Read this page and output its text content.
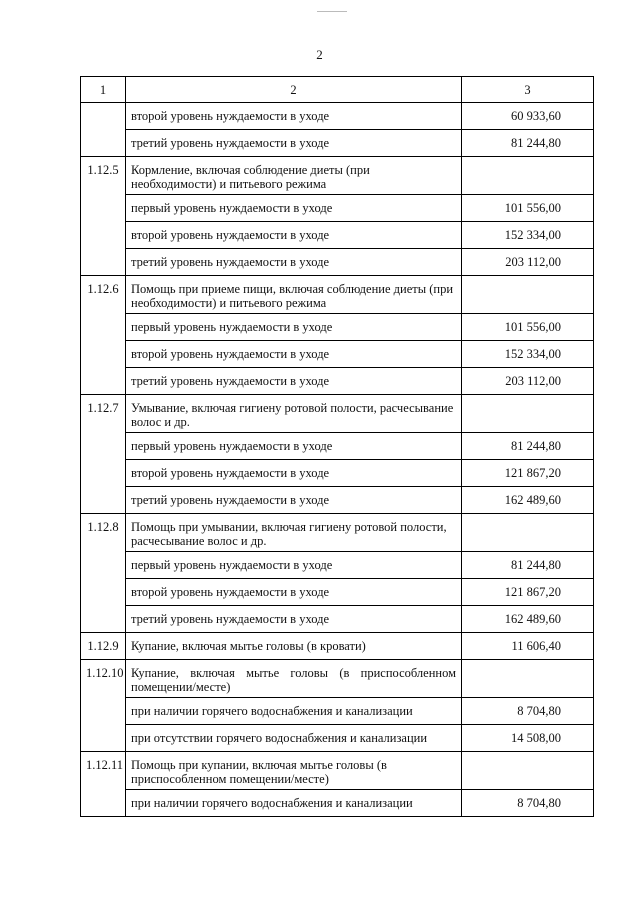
2
1	2	3
	второй уровень нуждаемости в уходе	60 933,60
	третий уровень нуждаемости в уходе	81 244,80
1.12.5	Кормление, включая соблюдение диеты (при необходимости) и питьевого режима	
	первый уровень нуждаемости в уходе	101 556,00
	второй уровень нуждаемости в уходе	152 334,00
	третий уровень нуждаемости в уходе	203 112,00
1.12.6	Помощь при приеме пищи, включая соблюдение диеты (при необходимости) и питьевого режима	
	первый уровень нуждаемости в уходе	101 556,00
	второй уровень нуждаемости в уходе	152 334,00
	третий уровень нуждаемости в уходе	203 112,00
1.12.7	Умывание, включая гигиену ротовой полости, расчесывание волос и др.	
	первый уровень нуждаемости в уходе	81 244,80
	второй уровень нуждаемости в уходе	121 867,20
	третий уровень нуждаемости в уходе	162 489,60
1.12.8	Помощь при умывании, включая гигиену ротовой полости, расчесывание волос и др.	
	первый уровень нуждаемости в уходе	81 244,80
	второй уровень нуждаемости в уходе	121 867,20
	третий уровень нуждаемости в уходе	162 489,60
1.12.9	Купание, включая мытье головы (в кровати)	11 606,40
1.12.10	Купание, включая мытье головы (в приспособленном помещении/месте)	
	при наличии горячего водоснабжения и канализации	8 704,80
	при отсутствии горячего водоснабжения и канализации	14 508,00
1.12.11	Помощь при купании, включая мытье головы (в приспособленном помещении/месте)	
	при наличии горячего водоснабжения и канализации	8 704,80
